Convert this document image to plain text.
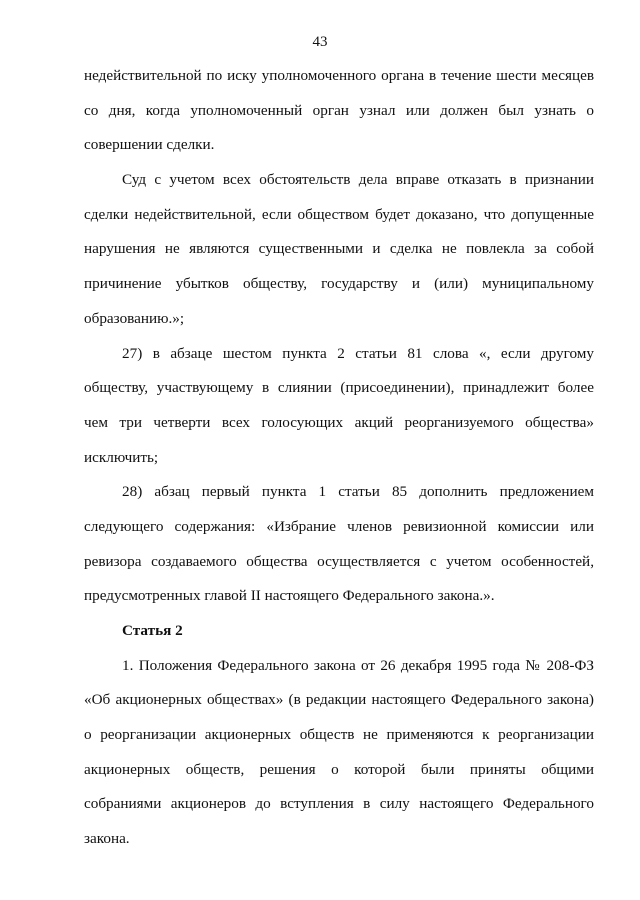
43
недействительной по иску уполномоченного органа в течение шести месяцев
со дня, когда уполномоченный орган узнал или должен был узнать о
совершении сделки.
Суд с учетом всех обстоятельств дела вправе отказать в признании
сделки недействительной, если обществом будет доказано, что допущенные
нарушения не являются существенными и сделка не повлекла за собой
причинение убытков обществу, государству и (или) муниципальному
образованию.»;
27) в абзаце шестом пункта 2 статьи 81 слова «, если другому
обществу, участвующему в слиянии (присоединении), принадлежит более
чем три четверти всех голосующих акций реорганизуемого общества»
исключить;
28) абзац первый пункта 1 статьи 85 дополнить предложением
следующего содержания: «Избрание членов ревизионной комиссии или
ревизора создаваемого общества осуществляется с учетом особенностей,
предусмотренных главой II настоящего Федерального закона.».
Статья 2
1. Положения Федерального закона от 26 декабря 1995 года № 208-ФЗ
«Об акционерных обществах» (в редакции настоящего Федерального закона)
о реорганизации акционерных обществ не применяются к реорганизации
акционерных обществ, решения о которой были приняты общими
собраниями акционеров до вступления в силу настоящего Федерального
закона.
